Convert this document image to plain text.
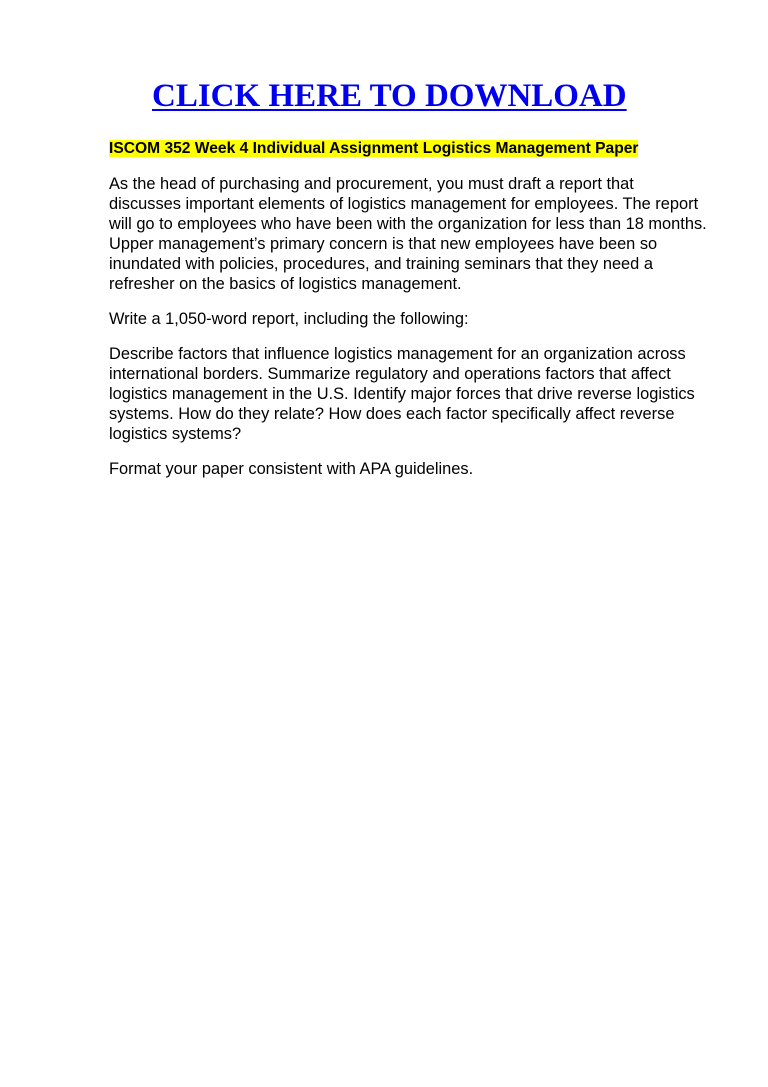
CLICK HERE TO DOWNLOAD

ISCOM 352 Week 4 Individual Assignment Logistics Management Paper

As the head of purchasing and procurement, you must draft a report that discusses important elements of logistics management for employees. The report will go to employees who have been with the organization for less than 18 months. Upper management’s primary concern is that new employees have been so inundated with policies, procedures, and training seminars that they need a refresher on the basics of logistics management.

Write a 1,050-word report, including the following:

Describe factors that influence logistics management for an organization across international borders. Summarize regulatory and operations factors that affect logistics management in the U.S. Identify major forces that drive reverse logistics systems. How do they relate? How does each factor specifically affect reverse logistics systems?

Format your paper consistent with APA guidelines.
